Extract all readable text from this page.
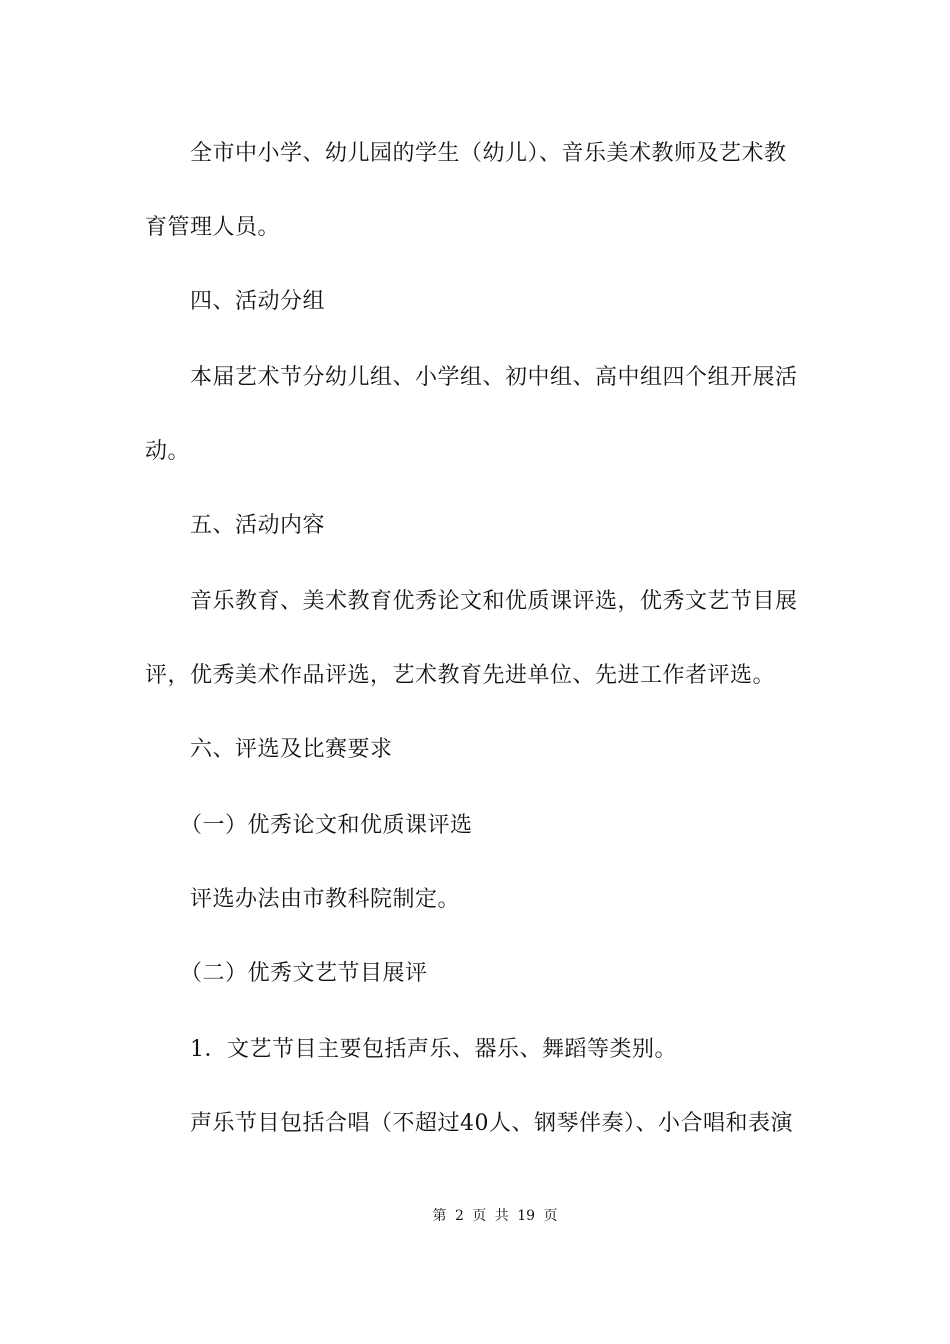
全市中小学、幼儿园的学生（幼儿）、音乐美术教师及艺术教
育管理人员。
四、活动分组
本届艺术节分幼儿组、小学组、初中组、高中组四个组开展活
动。
五、活动内容
音乐教育、美术教育优秀论文和优质课评选，优秀文艺节目展
评，优秀美术作品评选，艺术教育先进单位、先进工作者评选。
六、评选及比赛要求
（一）优秀论文和优质课评选
评选办法由市教科院制定。
（二）优秀文艺节目展评
1．文艺节目主要包括声乐、器乐、舞蹈等类别。
声乐节目包括合唱（不超过40人、钢琴伴奏）、小合唱和表演
第 2 页 共 19 页
